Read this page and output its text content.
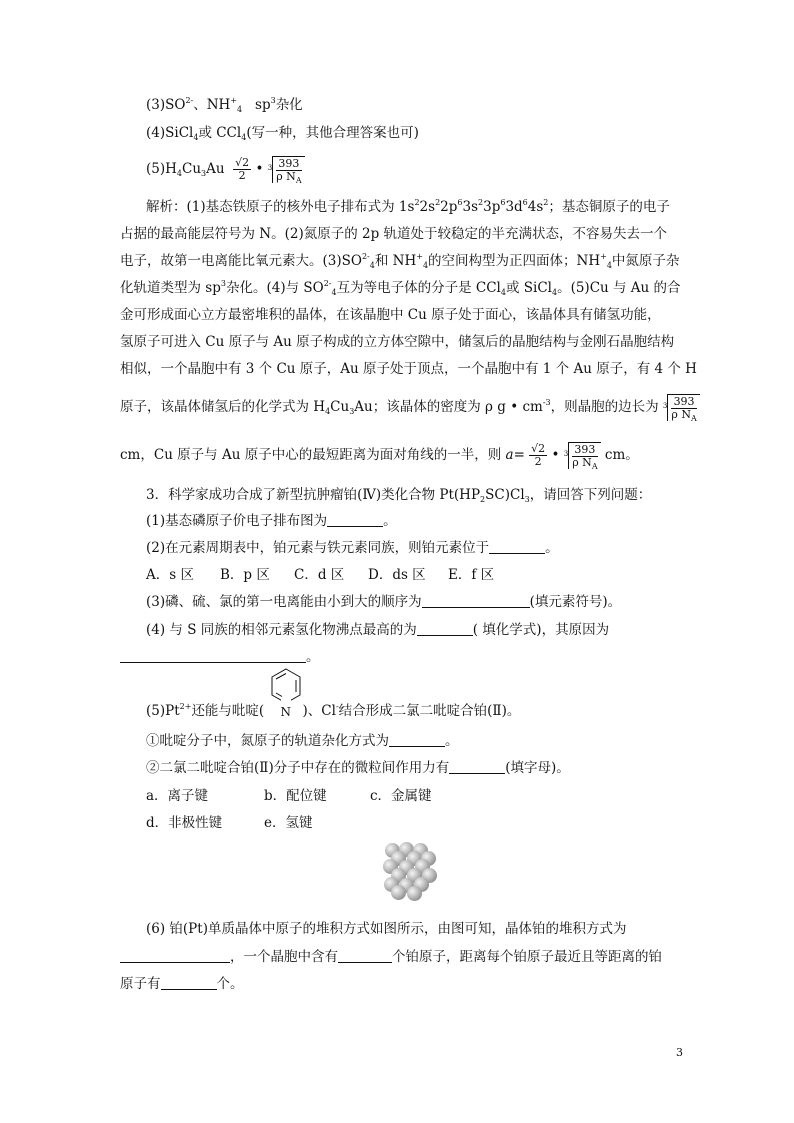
$(3)SO^{2-}$、$NH^+_4$ $sp^3$杂化
(4)SiCl$_4$或 CCl$_4$(写一种，其他合理答案也可)
$(5)H_4Cu_3Au \frac{√2}{2}$ • $^3$ 393
ρ $N_A$
解析：(1)基态铁原子的核外电子排布式为 $1s^22s^22p^63s^23p^63d^64s^2$；基态铜原子的电子
占据的最高能层符号为 N。(2)氮原子的 2p 轨道处于较稳定的半充满状态，不容易失去一个
电子，故第一电离能比氧元素大。$(3)SO^{2-}_4$和 $NH^+_4$的空间构型为正四面体；$NH^+_4$中氮原子杂
化轨道类型为 $sp^3$杂化。(4)与 $SO^{2-}_4$互为等电子体的分子是 CCl$_4$或 SiCl$_4$。(5)Cu 与 Au 的合
金可形成面心立方最密堆积的晶体，在该晶胞中 Cu 原子处于面心，该晶体具有储氢功能，
氢原子可进入 Cu 原子与 Au 原子构成的立方体空隙中，储氢后的晶胞结构与金刚石晶胞结构
相似，一个晶胞中有 3 个 Cu 原子，Au 原子处于顶点，一个晶胞中有 1 个 Au 原子，有 4 个 H
原子，该晶体储氢后的化学式为 $H_4Cu_3Au$；该晶体的密度为 ρ g • $cm^{-3}$，则晶胞的边长为 $^3$ 393
ρ $N_A$
cm，Cu 原子与 Au 原子中心的最短距离为面对角线的一半，则 $a= \frac{√2}{2}$ • $^3$ 393
ρ $N_A$ cm。
3．科学家成功合成了新型抗肿瘤铂(Ⅳ)类化合物 $Pt(HP_2SC)Cl_3$，请回答下列问题：
(1)基态磷原子价电子排布图为	。
(2)在元素周期表中，铂元素与铁元素同族，则铂元素位于	。
A．s 区 B．p 区 C．d 区 D．ds 区 E．f 区
(3)磷、硫、氯的第一电离能由小到大的顺序为	(填元素符号)。
(4) 与 S 同族的相邻元素氢化物沸点最高的为	( 填化学式)，其原因为
。
$(5)Pt^{2+}$还能与吡啶( N )、Cl-结合形成二氯二吡啶合铂(Ⅱ)。
①吡啶分子中，氮原子的轨道杂化方式为	。
②二氯二吡啶合铂(Ⅱ)分子中存在的微粒间作用力有	(填字母)。
a．离子键	b．配位键	c．金属键
d．非极性键	e．氢键
(6) 铂(Pt)单质晶体中原子的堆积方式如图所示，由图可知，晶体铂的堆积方式为
，一个晶胞中含有	个铂原子，距离每个铂原子最近且等距离的铂
原子有	个。
3
